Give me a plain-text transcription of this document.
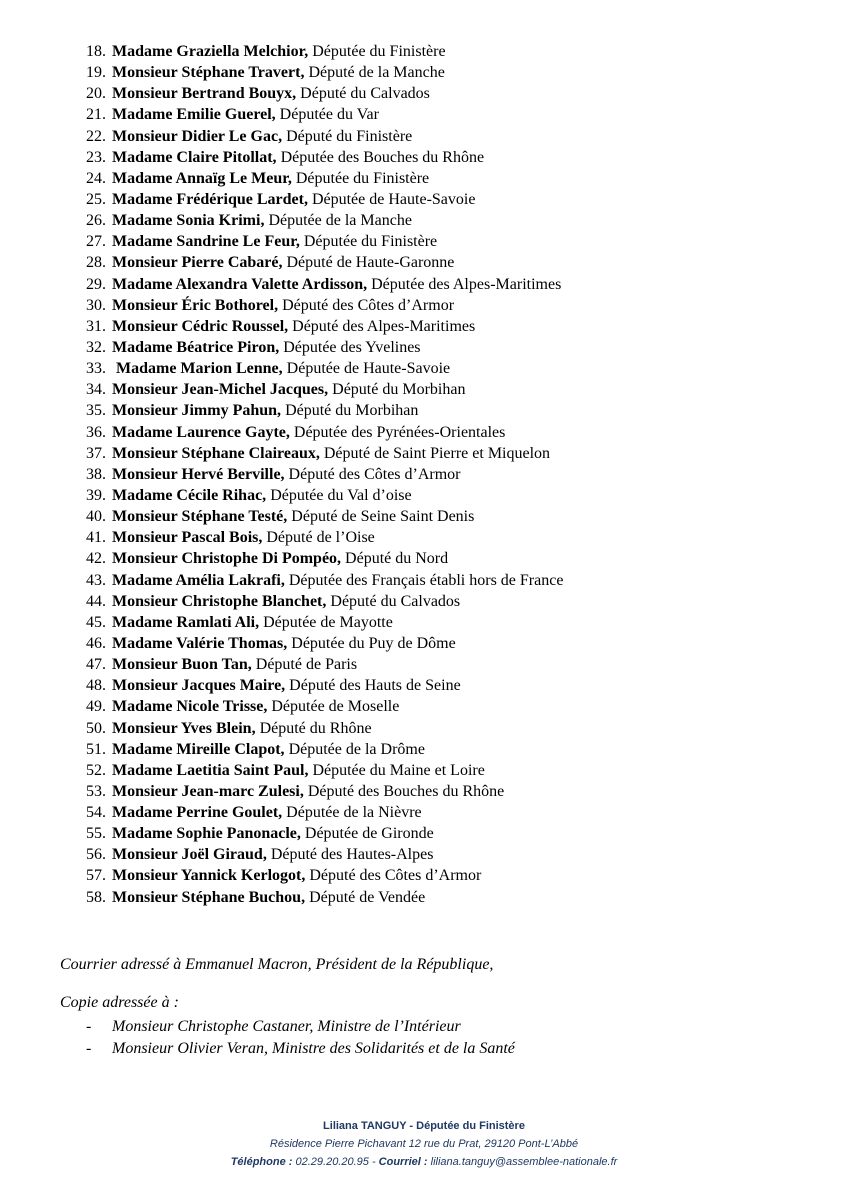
18. Madame Graziella Melchior, Députée du Finistère
19. Monsieur Stéphane Travert, Député de la Manche
20. Monsieur Bertrand Bouyx, Député du Calvados
21. Madame Emilie Guerel, Députée du Var
22. Monsieur Didier Le Gac, Député du Finistère
23. Madame Claire Pitollat, Députée des Bouches du Rhône
24. Madame Annaïg Le Meur, Députée du Finistère
25. Madame Frédérique Lardet, Députée de Haute-Savoie
26. Madame Sonia Krimi, Députée de la Manche
27. Madame Sandrine Le Feur, Députée du Finistère
28. Monsieur Pierre Cabaré, Député de Haute-Garonne
29. Madame Alexandra Valette Ardisson, Députée des Alpes-Maritimes
30. Monsieur Éric Bothorel, Député des Côtes d’Armor
31. Monsieur Cédric Roussel, Député des Alpes-Maritimes
32. Madame Béatrice Piron, Députée des Yvelines
33. Madame Marion Lenne, Députée de Haute-Savoie
34. Monsieur Jean-Michel Jacques, Député du Morbihan
35. Monsieur Jimmy Pahun, Député du Morbihan
36. Madame Laurence Gayte, Députée des Pyrénées-Orientales
37. Monsieur Stéphane Claireaux, Député de Saint Pierre et Miquelon
38. Monsieur Hervé Berville, Député des Côtes d’Armor
39. Madame Cécile Rihac, Députée du Val d’oise
40. Monsieur Stéphane Testé, Député de Seine Saint Denis
41. Monsieur Pascal Bois, Député de l’Oise
42. Monsieur Christophe Di Pompéo, Député du Nord
43. Madame Amélia Lakrafi, Députée des Français établi hors de France
44. Monsieur Christophe Blanchet, Député du Calvados
45. Madame Ramlati Ali, Députée de Mayotte
46. Madame Valérie Thomas, Députée du Puy de Dôme
47. Monsieur Buon Tan, Député de Paris
48. Monsieur Jacques Maire, Député des Hauts de Seine
49. Madame Nicole Trisse, Députée de Moselle
50. Monsieur Yves Blein, Député du Rhône
51. Madame Mireille Clapot, Députée de la Drôme
52. Madame Laetitia Saint Paul, Députée du Maine et Loire
53. Monsieur Jean-marc Zulesi, Député des Bouches du Rhône
54. Madame Perrine Goulet, Députée de la Nièvre
55. Madame Sophie Panonacle, Députée de Gironde
56. Monsieur Joël Giraud, Député des Hautes-Alpes
57. Monsieur Yannick Kerlogot, Député des Côtes d’Armor
58. Monsieur Stéphane Buchou, Député de Vendée
Courrier adressé à Emmanuel Macron, Président de la République,
Copie adressée à :
- Monsieur Christophe Castaner, Ministre de l’Intérieur
- Monsieur Olivier Veran, Ministre des Solidarités et de la Santé
Liliana TANGUY - Députée du Finistère
Résidence Pierre Pichavant 12 rue du Prat, 29120 Pont-L’Abbé
Téléphone : 02.29.20.20.95 - Courriel : liliana.tanguy@assemblee-nationale.fr
